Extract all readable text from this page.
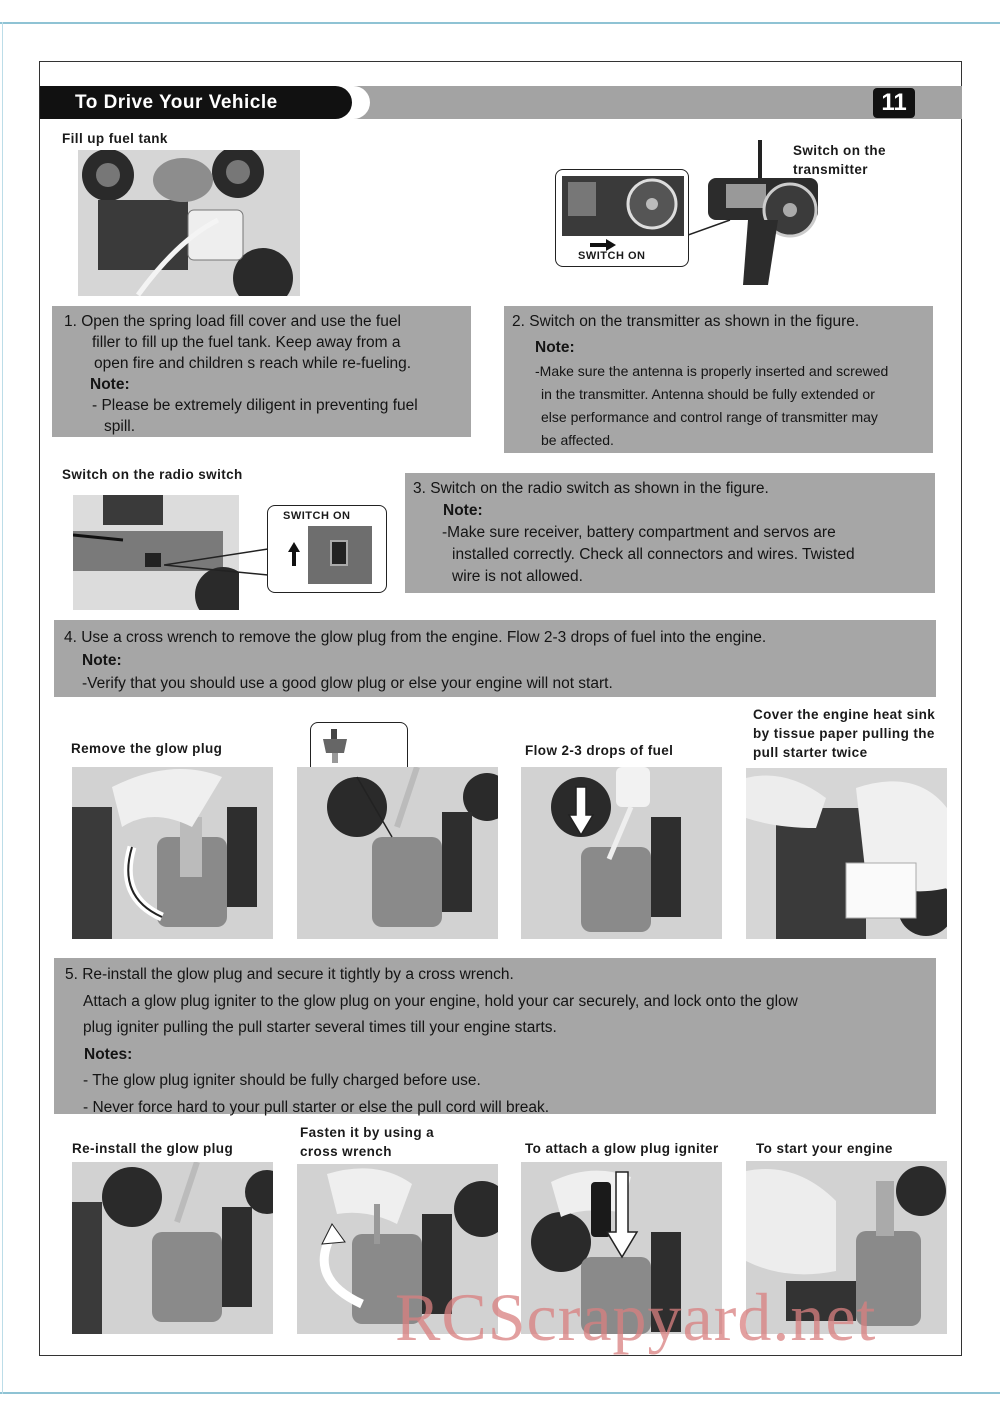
To Drive Your Vehicle	11
Fill up fuel tank
Switch on the
transmitter
SWITCH ON
1. Open the spring load fill cover and use the fuel
filler to fill up the fuel tank. Keep away from a
open fire and children s reach while re-fueling.
Note:
- Please be extremely diligent in preventing fuel
spill.
2. Switch on the transmitter as shown in the figure.
Note:
-Make sure the antenna is properly inserted and screwed
in the transmitter. Antenna should be fully extended or
else performance and control range of transmitter may
be affected.
Switch on the radio switch
SWITCH ON
3. Switch on the radio switch as shown in the figure.
Note:
-Make sure receiver, battery compartment and servos are
installed correctly. Check all connectors and wires. Twisted
wire is not allowed.
4. Use a cross wrench to remove the glow plug from the engine. Flow 2-3 drops of fuel into the engine.
Note:
-Verify that you should use a good glow plug or else your engine will not start.
Remove the glow plug	Flow 2-3 drops of fuel
Cover the engine heat sink
by tissue paper pulling the
pull starter twice
5. Re-install the glow plug and secure it tightly by a cross wrench.
Attach a glow plug igniter to the glow plug on your engine, hold your car securely, and lock onto the glow
plug igniter pulling the pull starter several times till your engine starts.
Notes:
- The glow plug igniter should be fully charged before use.
- Never force hard to your pull starter or else the pull cord will break.
Re-install the glow plug
Fasten it by using a
cross wrench	To attach a glow plug igniter	To start your engine
RCScrapyard.net
